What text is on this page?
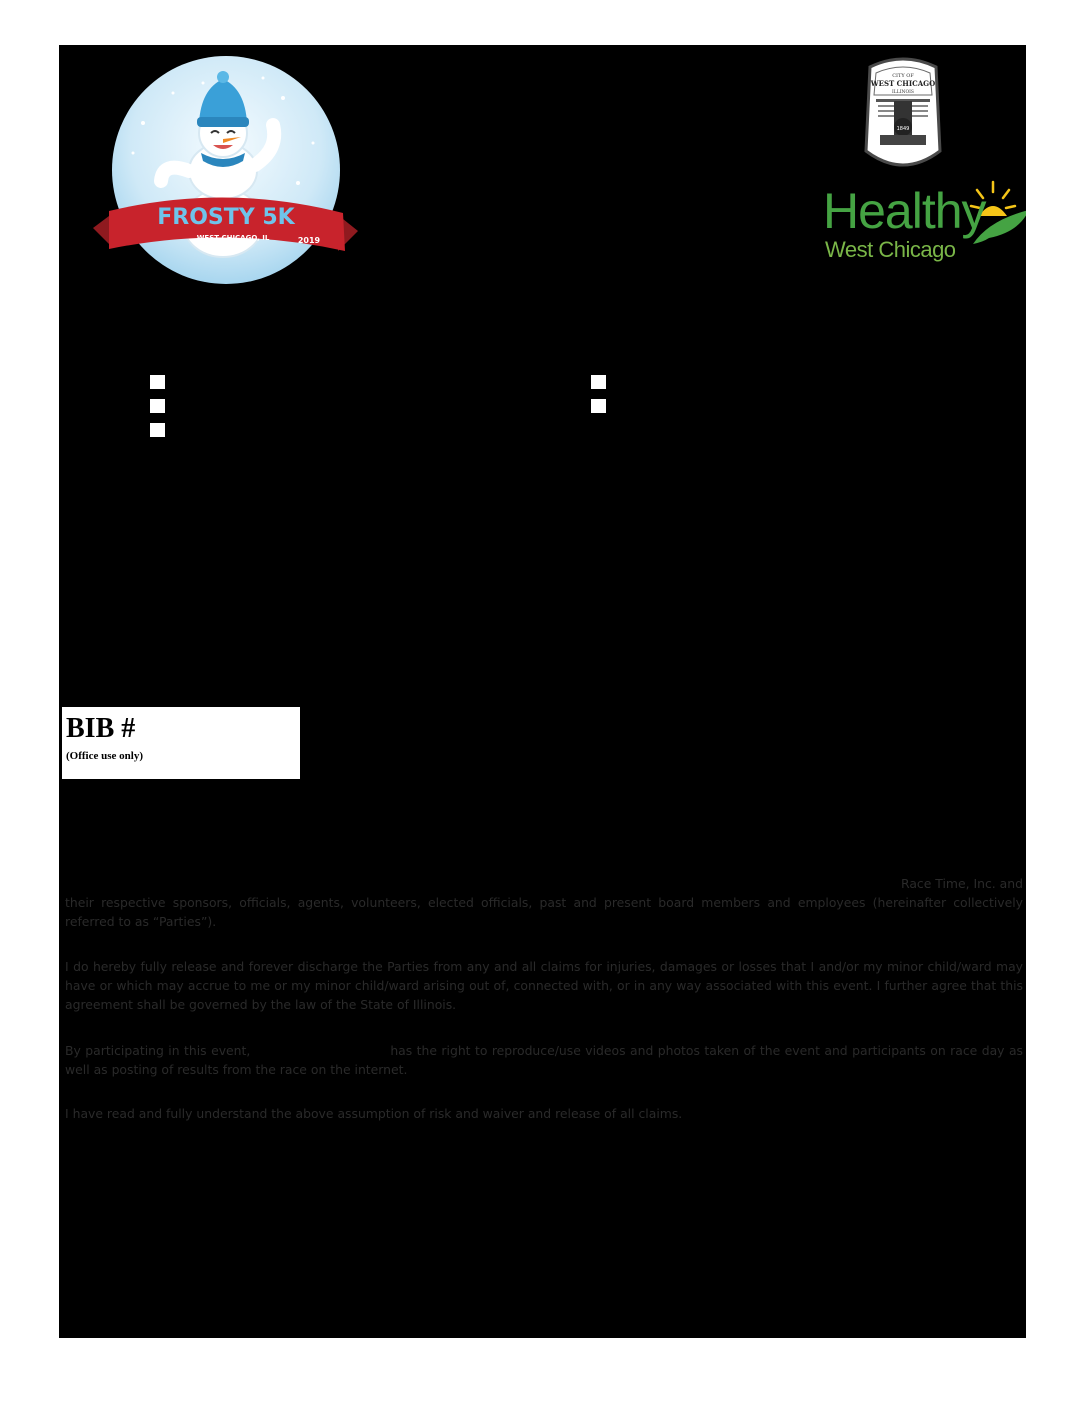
FROSTY 5K
WEST CHICAGO, IL	2019
CITY OF
WEST CHICAGO
ILLINOIS
1849
Healthy
West Chicago
BIB #
(Office use only)
Race Time, Inc. and
their respective sponsors, officials, agents, volunteers, elected officials, past and present board members and employees (hereinafter collectively referred to as “Parties”).
I do hereby fully release and forever discharge the Parties from any and all claims for injuries, damages or losses that I and/or my minor child/ward may have or which may accrue to me or my minor child/ward arising out of, connected with, or in any way associated with this event. I further agree that this agreement shall be governed by the law of the State of Illinois.
By participating in this event,	has the right to reproduce/use videos and photos taken of the event and participants on race day as well as posting of results from the race on the internet.
I have read and fully understand the above assumption of risk and waiver and release of all claims.
